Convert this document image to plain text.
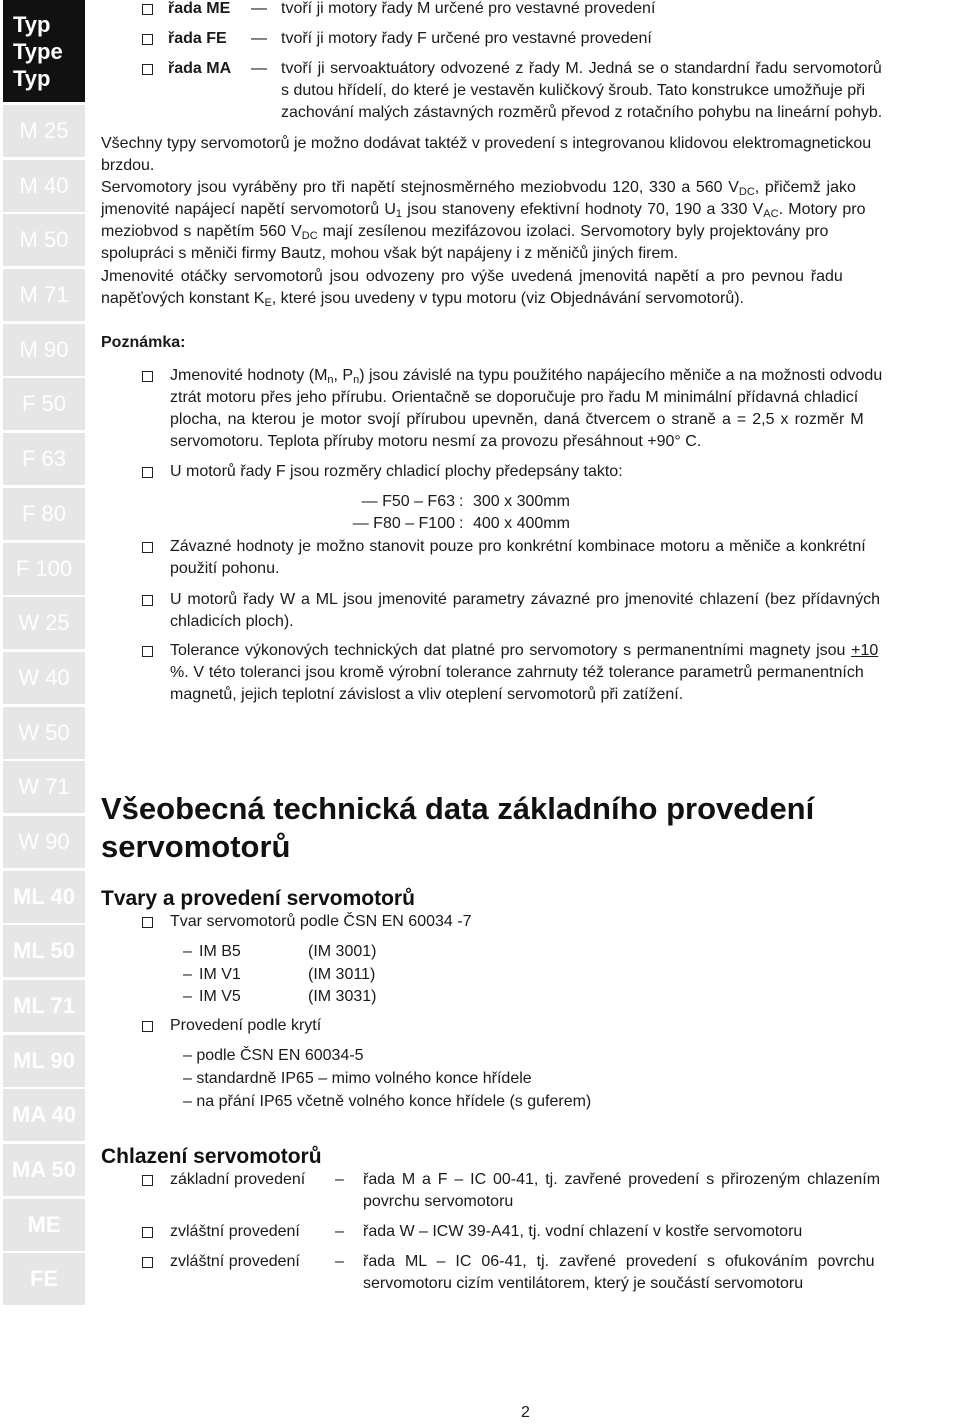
Typ
Type
Typ
M 25
M 40
M 50
M 71
M 90
F 50
F 63
F 80
F 100
W 25
W 40
W 50
W 71
W 90
ML 40
ML 50
ML 71
ML 90
MA 40
MA 50
ME
FE
řada ME — tvoří ji motory řady M určené pro vestavné provedení
řada FE — tvoří ji motory řady F určené pro vestavné provedení
řada MA — tvoří ji servoaktuátory odvozené z řady M. Jedná se o standardní řadu servomotorů
s dutou hřídelí, do které je vestavěn kuličkový šroub. Tato konstrukce umožňuje při
zachování malých zástavných rozměrů převod z rotačního pohybu na lineární pohyb.
Všechny typy servomotorů je možno dodávat taktéž v provedení s integrovanou klidovou elektromagnetickou
brzdou.
Servomotory jsou vyráběny pro tři napětí stejnosměrného meziobvodu 120, 330 a 560 $V_{DC}$, přičemž jako
jmenovité napájecí napětí servomotorů $U_1$ jsou stanoveny efektivní hodnoty 70, 190 a 330 $V_{AC}$. Motory pro
meziobvod s napětím 560 $V_{DC}$ mají zesílenou mezifázovou izolaci. Servomotory byly projektovány pro
spolupráci s měniči firmy Bautz, mohou však být napájeny i z měničů jiných firem.
Jmenovité otáčky servomotorů jsou odvozeny pro výše uvedená jmenovitá napětí a pro pevnou řadu
napěťových konstant $K_E$, které jsou uvedeny v typu motoru (viz Objednávání servomotorů).
Poznámka:
Jmenovité hodnoty ($M_n$, $P_n$) jsou závislé na typu použitého napájecího měniče a na možnosti odvodu
ztrát motoru přes jeho přírubu. Orientačně se doporučuje pro řadu M minimální přídavná chladicí
plocha, na kterou je motor svojí přírubou upevněn, daná čtvercem o straně a = 2,5 x rozměr M
servomotoru. Teplota příruby motoru nesmí za provozu přesáhnout +90° C.
U motorů řady F jsou rozměry chladicí plochy předepsány takto:
— F50 – F63 : 300 x 300mm
— F80 – F100 : 400 x 400mm
Závazné hodnoty je možno stanovit pouze pro konkrétní kombinace motoru a měniče a konkrétní
použití pohonu.
U motorů řady W a ML jsou jmenovité parametry závazné pro jmenovité chlazení (bez přídavných
chladicích ploch).
Tolerance výkonových technických dat platné pro servomotory s permanentními magnety jsou +10
%. V této toleranci jsou kromě výrobní tolerance zahrnuty též tolerance parametrů permanentních
magnetů, jejich teplotní závislost a vliv oteplení servomotorů při zatížení.
Všeobecná technická data základního provedení
servomotorů
Tvary a provedení servomotorů
Tvar servomotorů podle ČSN EN 60034 -7
– IM B5	(IM 3001)
– IM V1	(IM 3011)
– IM V5	(IM 3031)
Provedení podle krytí
– podle ČSN EN 60034-5
– standardně IP65 – mimo volného konce hřídele
– na přání IP65 včetně volného konce hřídele (s guferem)
Chlazení servomotorů
základní provedení – řada M a F – IC 00-41, tj. zavřené provedení s přirozeným chlazením
povrchu servomotoru
zvláštní provedení – řada W – ICW 39-A41, tj. vodní chlazení v kostře servomotoru
zvláštní provedení – řada ML – IC 06-41, tj. zavřené provedení s ofukováním povrchu
servomotoru cizím ventilátorem, který je součástí servomotoru
2
